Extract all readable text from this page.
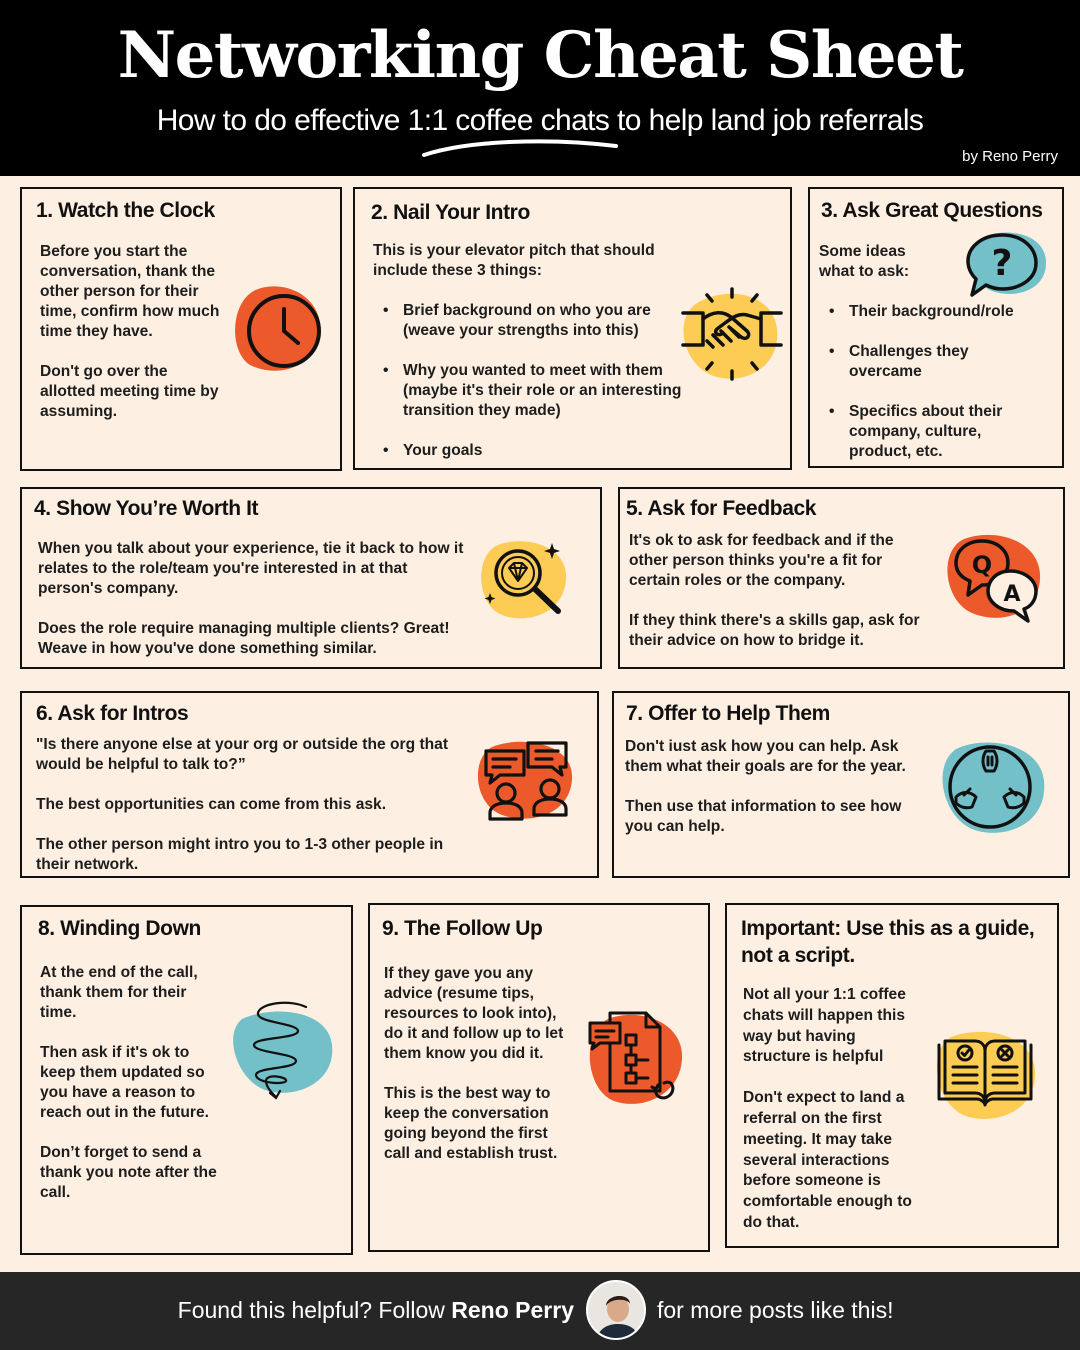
Networking Cheat Sheet
How to do effective 1:1 coffee chats to help land job referrals
by Reno Perry
1. Watch the Clock

Before you start the conversation, thank the other person for their time, confirm how much time they have.

Don't go over the allotted meeting time by assuming.

2. Nail Your Intro

This is your elevator pitch that should include these 3 things:

• Brief background on who you are (weave your strengths into this)
• Why you wanted to meet with them (maybe it's their role or an interesting transition they made)
• Your goals
3. Ask Great Questions

Some ideas what to ask:

• Their background/role
• Challenges they overcame
• Specifics about their company, culture, product, etc.
?
4. Show You’re Worth It

When you talk about your experience, tie it back to how it relates to the role/team you're interested in at that person's company.

Does the role require managing multiple clients? Great! Weave in how you've done something similar.

5. Ask for Feedback

It's ok to ask for feedback and if the other person thinks you're a fit for certain roles or the company.

If they think there's a skills gap, ask for their advice on how to bridge it.

Q
A
6. Ask for Intros

"Is there anyone else at your org or outside the org that would be helpful to talk to?”

The best opportunities can come from this ask.

The other person might intro you to 1-3 other people in their network.

7. Offer to Help Them

Don't iust ask how you can help. Ask them what their goals are for the year.

Then use that information to see how you can help.

8. Winding Down

At the end of the call, thank them for their time.

Then ask if it's ok to keep them updated so you have a reason to reach out in the future.

Don’t forget to send a thank you note after the call.

9. The Follow Up

If they gave you any advice (resume tips, resources to look into), do it and follow up to let them know you did it.

This is the best way to keep the conversation going beyond the first call and establish trust.

Important: Use this as a guide,
not a script.

Not all your 1:1 coffee chats will happen this way but having structure is helpful

Don't expect to land a referral on the first meeting. It may take several interactions before someone is comfortable enough to do that.

Found this helpful? Follow Reno Perry	for more posts like this!
